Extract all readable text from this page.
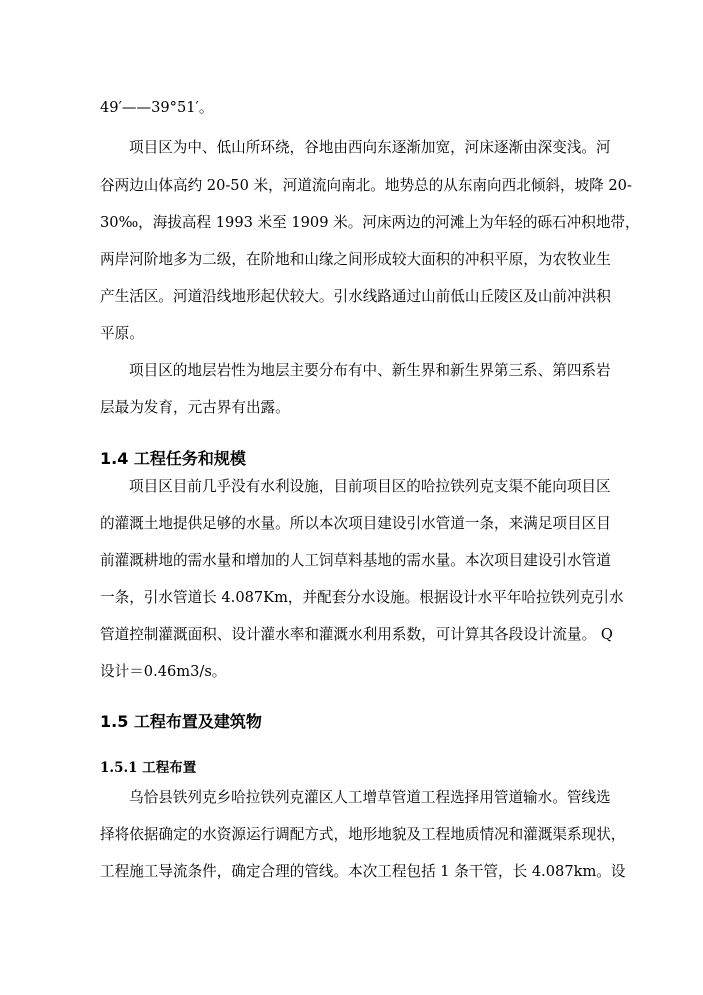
49′——39°51′。
项目区为中、低山所环绕，谷地由西向东逐渐加宽，河床逐渐由深变浅。河
谷两边山体高约 20-50 米，河道流向南北。地势总的从东南向西北倾斜，坡降 20-
30‰，海拔高程 1993 米至 1909 米。河床两边的河滩上为年轻的砾石冲积地带，
两岸河阶地多为二级，在阶地和山缘之间形成较大面积的冲积平原，为农牧业生
产生活区。河道沿线地形起伏较大。引水线路通过山前低山丘陵区及山前冲洪积
平原。
项目区的地层岩性为地层主要分布有中、新生界和新生界第三系、第四系岩
层最为发育，元古界有出露。
1.4 工程任务和规模
项目区目前几乎没有水利设施，目前项目区的哈拉铁列克支渠不能向项目区
的灌溉土地提供足够的水量。所以本次项目建设引水管道一条，来满足项目区目
前灌溉耕地的需水量和增加的人工饲草料基地的需水量。本次项目建设引水管道
一条，引水管道长 4.087Km，并配套分水设施。根据设计水平年哈拉铁列克引水
管道控制灌溉面积、设计灌水率和灌溉水利用系数，可计算其各段设计流量。 Q
设计＝0.46m3/s。
1.5 工程布置及建筑物
1.5.1 工程布置
乌恰县铁列克乡哈拉铁列克灌区人工增草管道工程选择用管道输水。管线选
择将依据确定的水资源运行调配方式，地形地貌及工程地质情况和灌溉渠系现状，
工程施工导流条件，确定合理的管线。本次工程包括 1 条干管，长 4.087km。设
